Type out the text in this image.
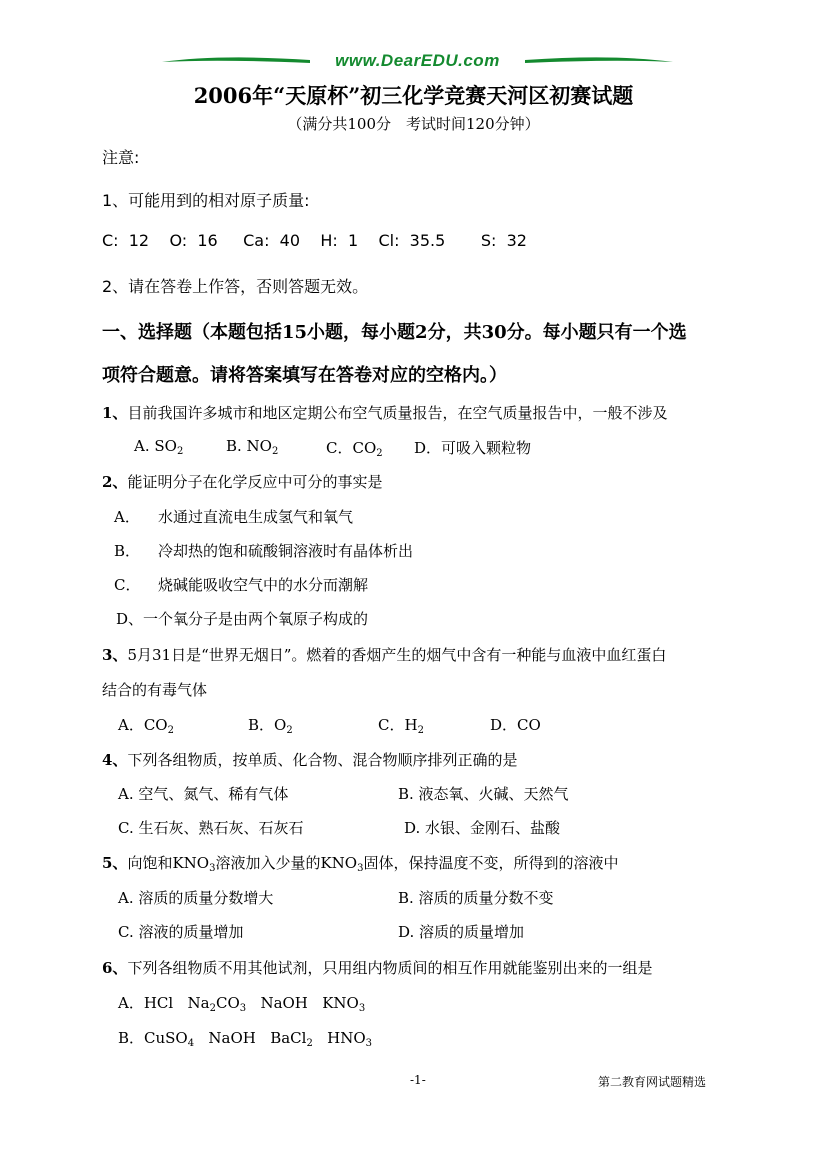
www.DearEDU.com
2006年“天原杯”初三化学竞赛天河区初赛试题
（满分共100分　考试时间120分钟）
注意:
1、可能用到的相对原子质量:
C:  12    O:  16     Ca:  40    H:  1    Cl:  35.5       S:  32
2、请在答卷上作答，否则答题无效。
一、选择题（本题包括15小题，每小题2分，共30分。每小题只有一个选
项符合题意。请将答案填写在答卷对应的空格内。）
1、目前我国许多城市和地区定期公布空气质量报告，在空气质量报告中，一般不涉及
A. $SO_2$	B. $NO_2$	C．$CO_2$ D．可吸入颗粒物
2、能证明分子在化学反应中可分的事实是
A． 水通过直流电生成氢气和氧气
B． 冷却热的饱和硫酸铜溶液时有晶体析出
C． 烧碱能吸收空气中的水分而潮解
D、一个氧分子是由两个氧原子构成的
3、5月31日是“世界无烟日”。燃着的香烟产生的烟气中含有一种能与血液中血红蛋白
结合的有毒气体
A．$CO_2$	B．$O_2$	C．$H_2$	D．CO
4、下列各组物质，按单质、化合物、混合物顺序排列正确的是
A. 空气、氮气、稀有气体	B. 液态氧、火碱、天然气
C. 生石灰、熟石灰、石灰石	D. 水银、金刚石、盐酸
5、向饱和$KNO_3$溶液加入少量的$KNO_3$固体，保持温度不变，所得到的溶液中
A. 溶质的质量分数增大	B. 溶质的质量分数不变
C. 溶液的质量增加	D. 溶质的质量增加
6、下列各组物质不用其他试剂，只用组内物质间的相互作用就能鉴别出来的一组是
A．HCl $Na_2CO_3$ NaOH $KNO_3$
B．CuSO$_4$ NaOH BaCl$_2$ $HNO_3$
-1-	第二教育网试题精选
